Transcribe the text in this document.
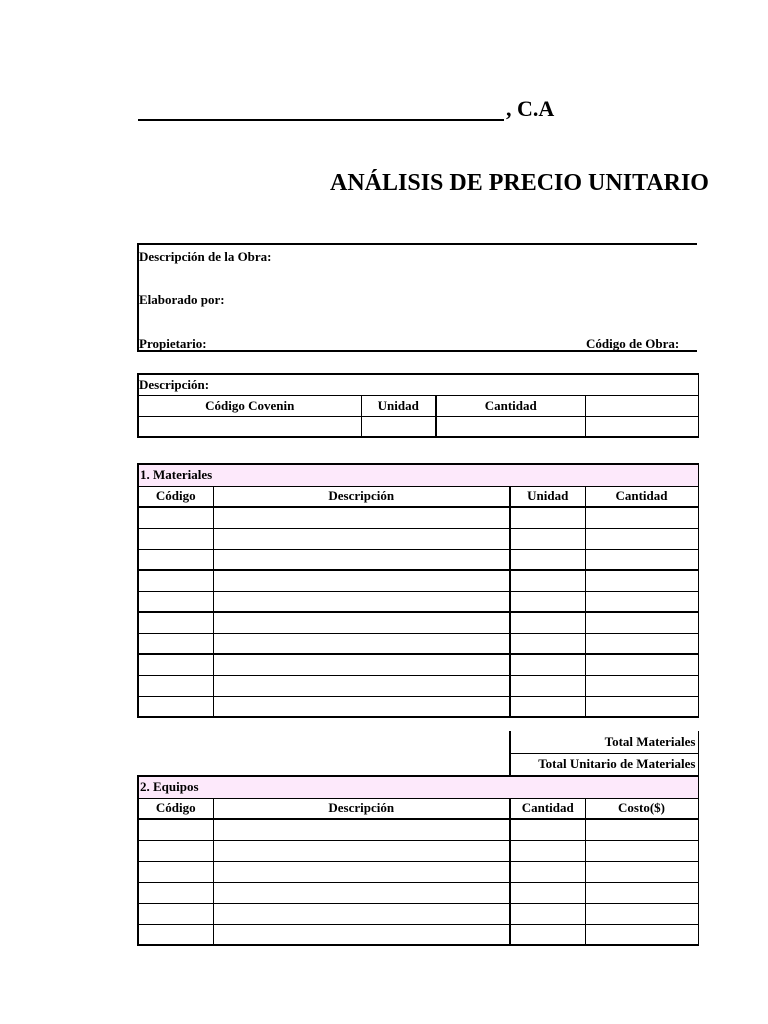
, C.A
ANÁLISIS DE PRECIO UNITARIO
Descripción de la Obra:
Elaborado por:
Propietario:	Código de Obra:
Descripción:			
Código Covenin	Unidad	Cantidad	

1. Materiales			
Código	Descripción	Unidad	Cantidad

Total Materiales
Total Unitario de Materiales
2. Equipos			
Código	Descripción	Cantidad	Costo($)
